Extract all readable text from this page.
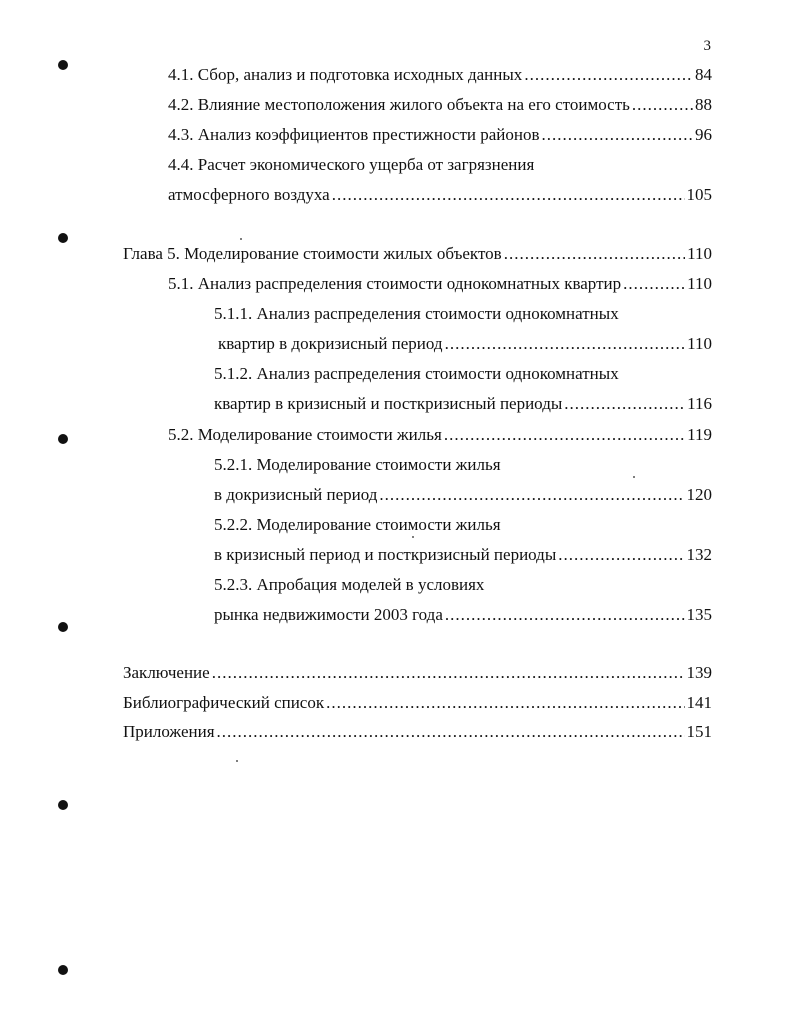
3
4.1. Сбор, анализ и подготовка исходных данных .....	84
4.2. Влияние местоположения жилого объекта на его стоимость .....	88
4.3. Анализ коэффициентов престижности районов .....	96
4.4. Расчет экономического ущерба от загрязнения
атмосферного воздуха .....	105
Глава 5. Моделирование стоимости жилых объектов .....	110
5.1. Анализ распределения стоимости однокомнатных квартир .....	110
5.1.1. Анализ распределения стоимости однокомнатных
квартир в докризисный период .....	110
5.1.2. Анализ распределения стоимости однокомнатных
квартир в кризисный и посткризисный периоды .....	116
5.2. Моделирование стоимости жилья .....	119
5.2.1. Моделирование стоимости жилья
в докризисный период .....	120
5.2.2. Моделирование стоимости жилья
в кризисный период и посткризисный периоды .....	132
5.2.3. Апробация моделей в условиях
рынка недвижимости 2003 года .....	135
Заключение .....	139
Библиографический список .....	141
Приложения .....	151
